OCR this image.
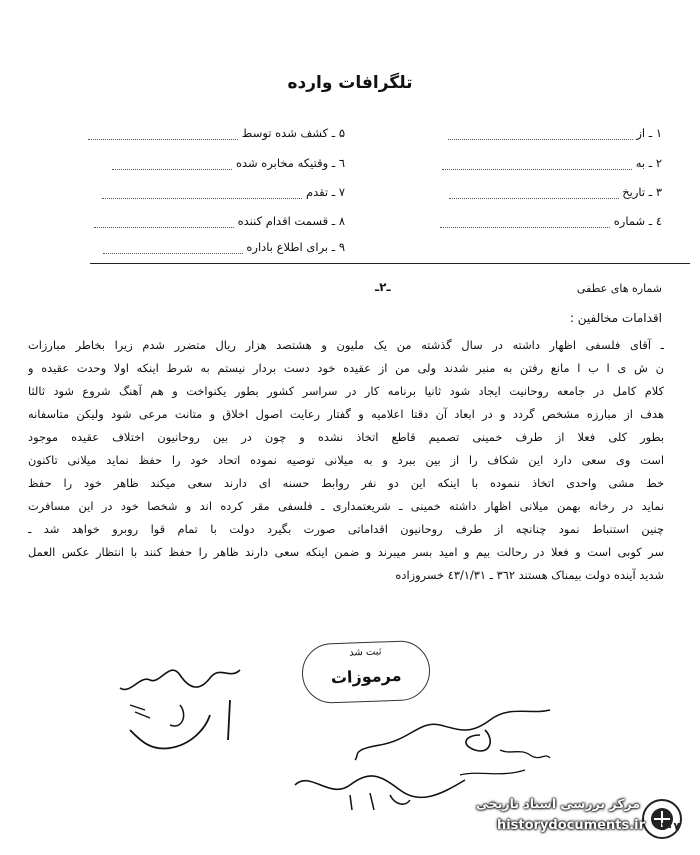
تلگرافات وارده
۱ ـ از
۲ ـ به
۳ ـ تاریخ
٤ ـ شماره
۵ ـ کشف شده توسط
٦ ـ وقتیکه مخابره شده
۷ ـ تقدم
۸ ـ قسمت اقدام کننده
۹ ـ برای اطلاع باداره
شماره های عطفی
ـ۲ـ
اقدامات مخالفین :
ـ آقای فلسفی اظهار داشته در سال گذشته من یک ملیون و هشتصد هزار ریال متضرر شدم زیرا بخاطر مبارزات
ن ش ی ا ب ا مانع رفتن به منبر شدند ولی من از عقیده خود دست بردار نیستم به شرط اینکه اولا وحدت عقیده و
کلام کامل در جامعه روحانیت ایجاد شود ثانیا برنامه کار در سراسر کشور بطور یکنواخت و هم آهنگ شروع شود ثالثا
هدف از مبارزه مشخص گردد و در ابعاد آن دقتا اعلامیه و گفتار رعایت اصول اخلاق و متانت مرعی شود ولیکن متاسفانه
بطور کلی فعلا از طرف خمینی تصمیم قاطع اتخاذ نشده و چون در بین روحانیون اختلاف عقیده موجود
است وی سعی دارد این شکاف را از بین ببرد و به میلانی توصیه نموده اتحاد خود را حفظ نماید میلانی تاکنون
خط مشی واحدی اتخاذ ننموده با اینکه این دو نفر روابط حسنه ای دارند سعی میکند ظاهر خود را حفظ
نماید در رخانه بهمن میلانی اظهار داشته خمینی ـ شریعتمداری ـ فلسفی مقر کرده اند و شخصا خود در این مسافرت
چنین استنباط نمود چنانچه از طرف روحانیون اقداماتی صورت بگیرد دولت با تمام قوا روبرو خواهد شد ـ
سر کوبی است و فعلا در رحالت بیم و امید بسر میبرند و ضمن اینکه سعی دارند ظاهر را حفظ کنند با انتظار عکس العمل
شدید آینده دولت بیمناک هستند ۳٦۲ ـ ٤۳/۱/۳۱ خسروزاده
ثبت شد
مرموزات
مرکز بررسی اسناد تاریخی
historydocuments.ir ۱۰۷
